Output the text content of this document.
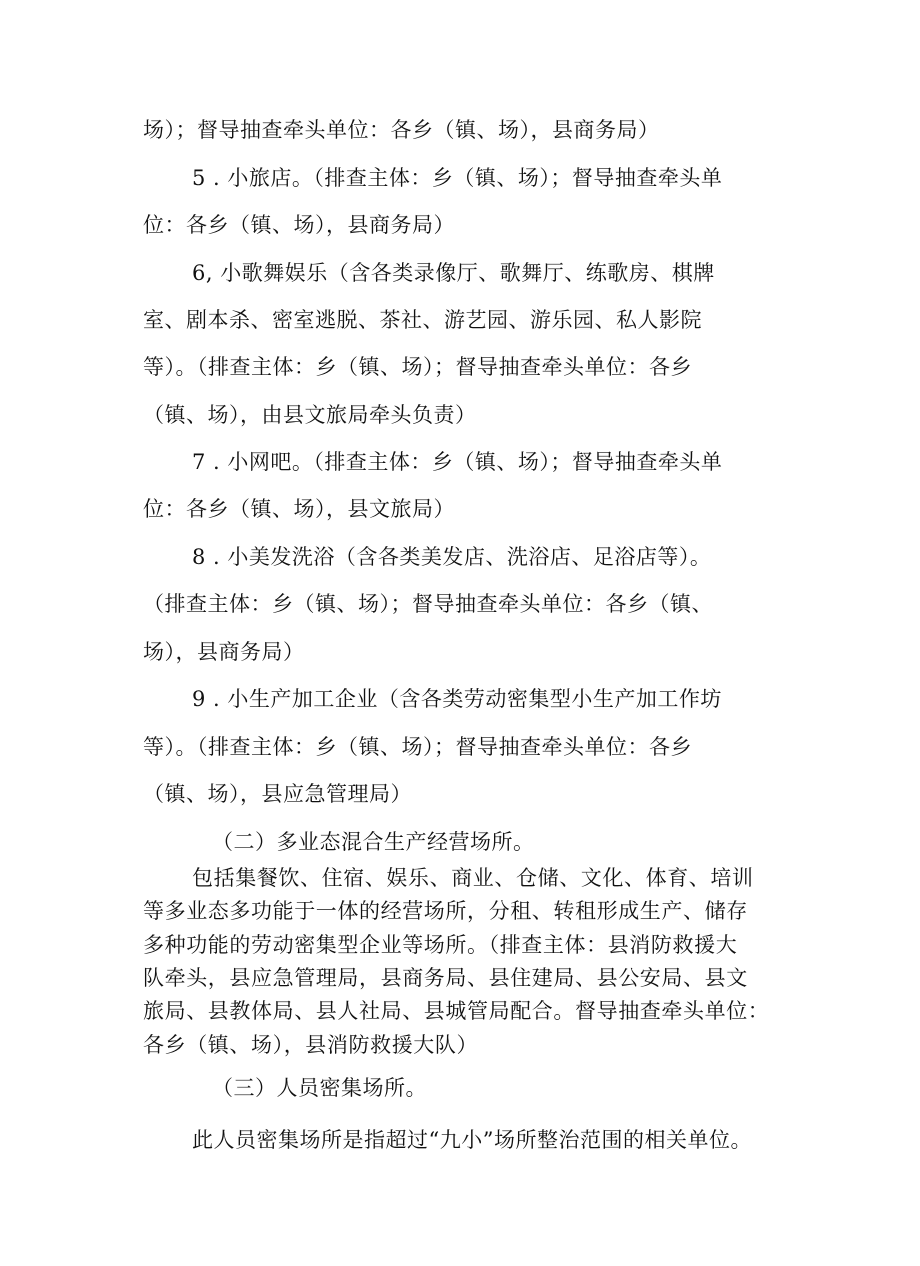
场）；督导抽查牵头单位：各乡（镇、场），县商务局）
5 . 小旅店。（排查主体：乡（镇、场）；督导抽查牵头单
位：各乡（镇、场），县商务局）
6, 小歌舞娱乐（含各类录像厅、歌舞厅、练歌房、棋牌
室、剧本杀、密室逃脱、茶社、游艺园、游乐园、私人影院
等）。（排查主体：乡（镇、场）；督导抽查牵头单位：各乡
（镇、场），由县文旅局牵头负责）
7 . 小网吧。（排查主体：乡（镇、场）；督导抽查牵头单
位：各乡（镇、场），县文旅局）
8 . 小美发洗浴（含各类美发店、洗浴店、足浴店等）。
（排查主体：乡（镇、场）；督导抽查牵头单位：各乡（镇、
场），县商务局）
9 . 小生产加工企业（含各类劳动密集型小生产加工作坊
等）。（排查主体：乡（镇、场）；督导抽查牵头单位：各乡
（镇、场），县应急管理局）
（二）多业态混合生产经营场所。
包括集餐饮、住宿、娱乐、商业、仓储、文化、体育、培训
等多业态多功能于一体的经营场所，分租、转租形成生产、储存
多种功能的劳动密集型企业等场所。（排查主体：县消防救援大
队牵头，县应急管理局，县商务局、县住建局、县公安局、县文
旅局、县教体局、县人社局、县城管局配合。督导抽查牵头单位：
各乡（镇、场），县消防救援大队）
（三）人员密集场所。
此人员密集场所是指超过“九小”场所整治范围的相关单位。
